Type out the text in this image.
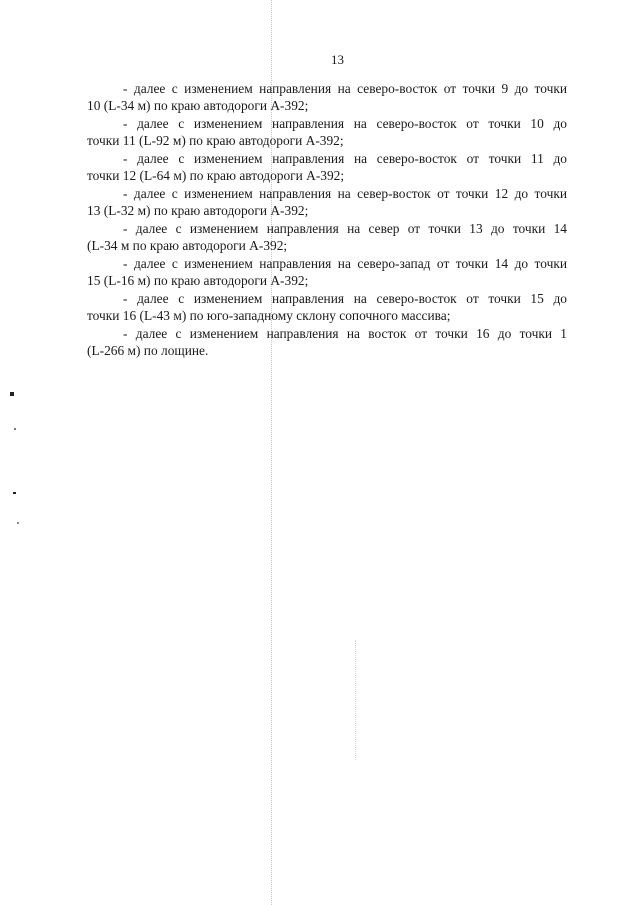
13

- далее с изменением направления на северо-восток от точки 9 до точки
10 (L-34 м) по краю автодороги А-392;

- далее с изменением направления на северо-восток от точки 10 до
точки 11 (L-92 м) по краю автодороги А-392;

- далее с изменением направления на северо-восток от точки 11 до
точки 12 (L-64 м) по краю автодороги А-392;

- далее с изменением направления на север-восток от точки 12 до точки
13 (L-32 м) по краю автодороги А-392;

- далее с изменением направления на север от точки 13 до точки 14
(L-34 м по краю автодороги А-392;

- далее с изменением направления на северо-запад от точки 14 до точки
15 (L-16 м) по краю автодороги А-392;

- далее с изменением направления на северо-восток от точки 15 до
точки 16 (L-43 м) по юго-западному склону сопочного массива;

- далее с изменением направления на восток от точки 16 до точки 1
(L-266 м) по лощине.
